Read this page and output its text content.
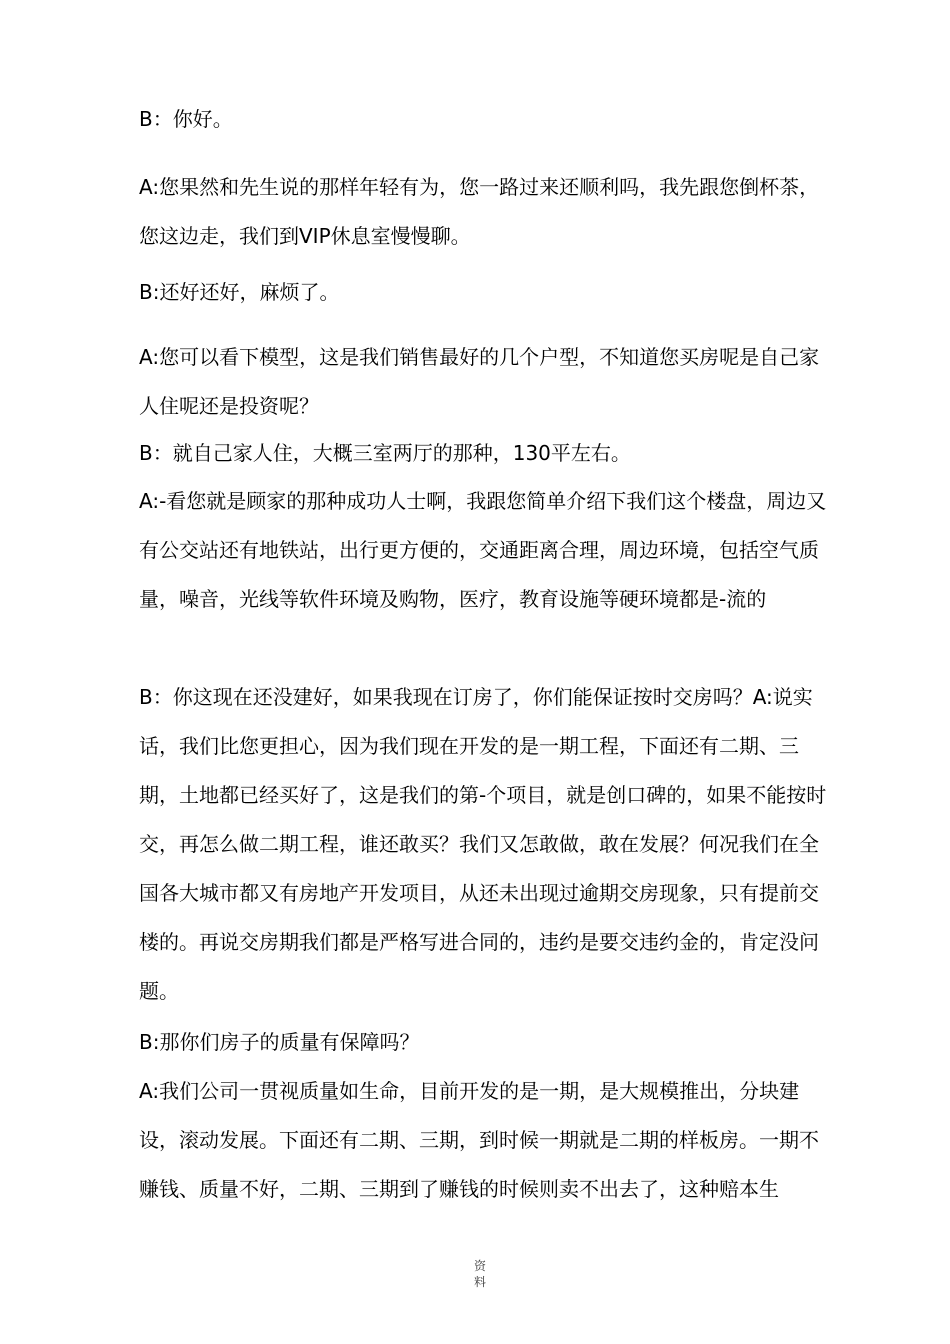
B：你好。

A:您果然和先生说的那样年轻有为，您一路过来还顺利吗，我先跟您倒杯茶，您这边走，我们到VIP休息室慢慢聊。

B:还好还好，麻烦了。

A:您可以看下模型，这是我们销售最好的几个户型，不知道您买房呢是自己家人住呢还是投资呢？

B：就自己家人住，大概三室两厅的那种，130平左右。

A:-看您就是顾家的那种成功人士啊，我跟您简单介绍下我们这个楼盘，周边又有公交站还有地铁站，出行更方便的，交通距离合理，周边环境，包括空气质量，噪音，光线等软件环境及购物，医疗，教育设施等硬环境都是-流的

B：你这现在还没建好，如果我现在订房了，你们能保证按时交房吗？A:说实话，我们比您更担心，因为我们现在开发的是一期工程，下面还有二期、三期，土地都已经买好了，这是我们的第-个项目，就是创口碑的，如果不能按时交，再怎么做二期工程，谁还敢买？我们又怎敢做，敢在发展？何况我们在全国各大城市都又有房地产开发项目，从还未出现过逾期交房现象，只有提前交楼的。再说交房期我们都是严格写进合同的，违约是要交违约金的，肯定没问题。

B:那你们房子的质量有保障吗？

A:我们公司一贯视质量如生命，目前开发的是一期，是大规模推出，分块建设，滚动发展。下面还有二期、三期，到时候一期就是二期的样板房。一期不赚钱、质量不好，二期、三期到了赚钱的时候则卖不出去了，这种赔本生

资
料
